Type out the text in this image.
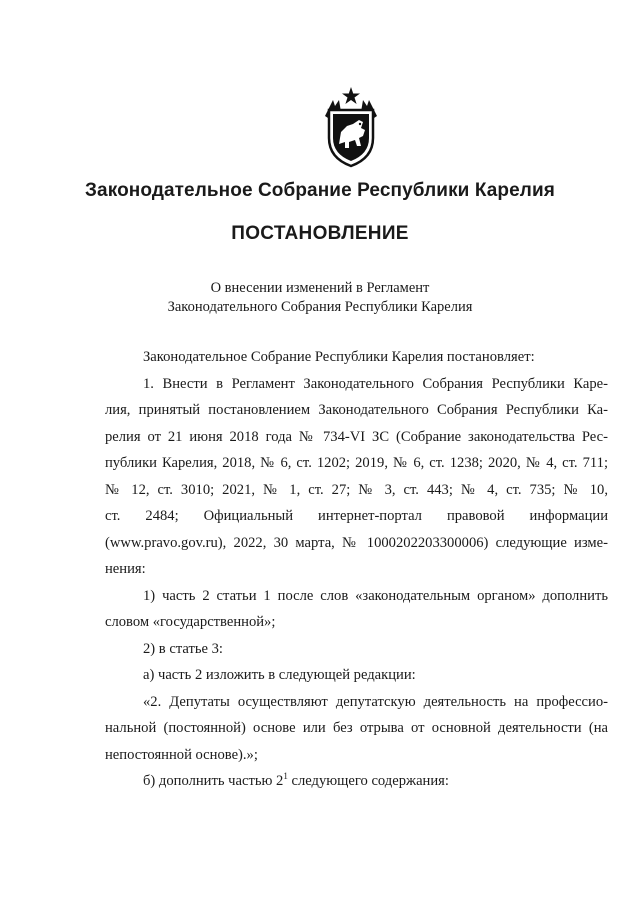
Законодательное Собрание Республики Карелия
ПОСТАНОВЛЕНИЕ
О внесении изменений в Регламент
Законодательного Собрания Республики Карелия

Законодательное Собрание Республики Карелия постановляет:

1. Внести в Регламент Законодательного Собрания Республики Каре-

лия, принятый постановлением Законодательного Собрания Республики Ка-

релия от 21 июня 2018 года № 734-VI ЗС (Собрание законодательства Рес-

публики Карелия, 2018, № 6, ст. 1202; 2019, № 6, ст. 1238; 2020, № 4, ст. 711;

№ 12, ст. 3010; 2021, № 1, ст. 27; № 3, ст. 443; № 4, ст. 735; № 10,

ст. 2484; Официальный интернет-портал правовой информации

(www.pravo.gov.ru), 2022, 30 марта, № 1000202203300006) следующие изме-

нения:

1) часть 2 статьи 1 после слов «законодательным органом» дополнить

словом «государственной»;

2) в статье 3:

а) часть 2 изложить в следующей редакции:

«2. Депутаты осуществляют депутатскую деятельность на профессио-

нальной (постоянной) основе или без отрыва от основной деятельности (на

непостоянной основе).»;

б) дополнить частью $2^1$ следующего содержания:
